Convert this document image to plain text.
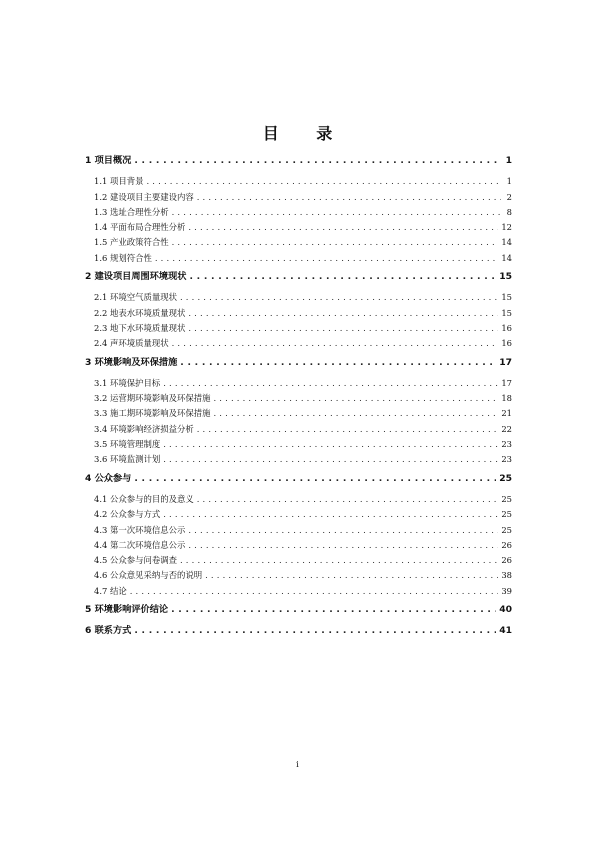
目 录
1 项目概况 . . .	1
1.1 项目背景 . . .	1
1.2 建设项目主要建设内容 . . .	2
1.3 选址合理性分析 . . .	8
1.4 平面布局合理性分析 . . .	12
1.5 产业政策符合性 . . .	14
1.6 规划符合性 . . .	14
2 建设项目周围环境现状 . . .	15
2.1 环境空气质量现状 . . .	15
2.2 地表水环境质量现状 . . .	15
2.3 地下水环境质量现状 . . .	16
2.4 声环境质量现状 . . .	16
3 环境影响及环保措施 . . .	17
3.1 环境保护目标 . . .	17
3.2 运营期环境影响及环保措施 . . .	18
3.3 施工期环境影响及环保措施 . . .	21
3.4 环境影响经济损益分析 . . .	22
3.5 环境管理制度 . . .	23
3.6 环境监测计划 . . .	23
4 公众参与 . . .	25
4.1 公众参与的目的及意义 . . .	25
4.2 公众参与方式 . . .	25
4.3 第一次环境信息公示 . . .	25
4.4 第二次环境信息公示 . . .	26
4.5 公众参与问卷调查 . . .	26
4.6 公众意见采纳与否的说明 . . .	38
4.7 结论 . . .	39
5 环境影响评价结论 . . .	40
6 联系方式 . . .	41
i
